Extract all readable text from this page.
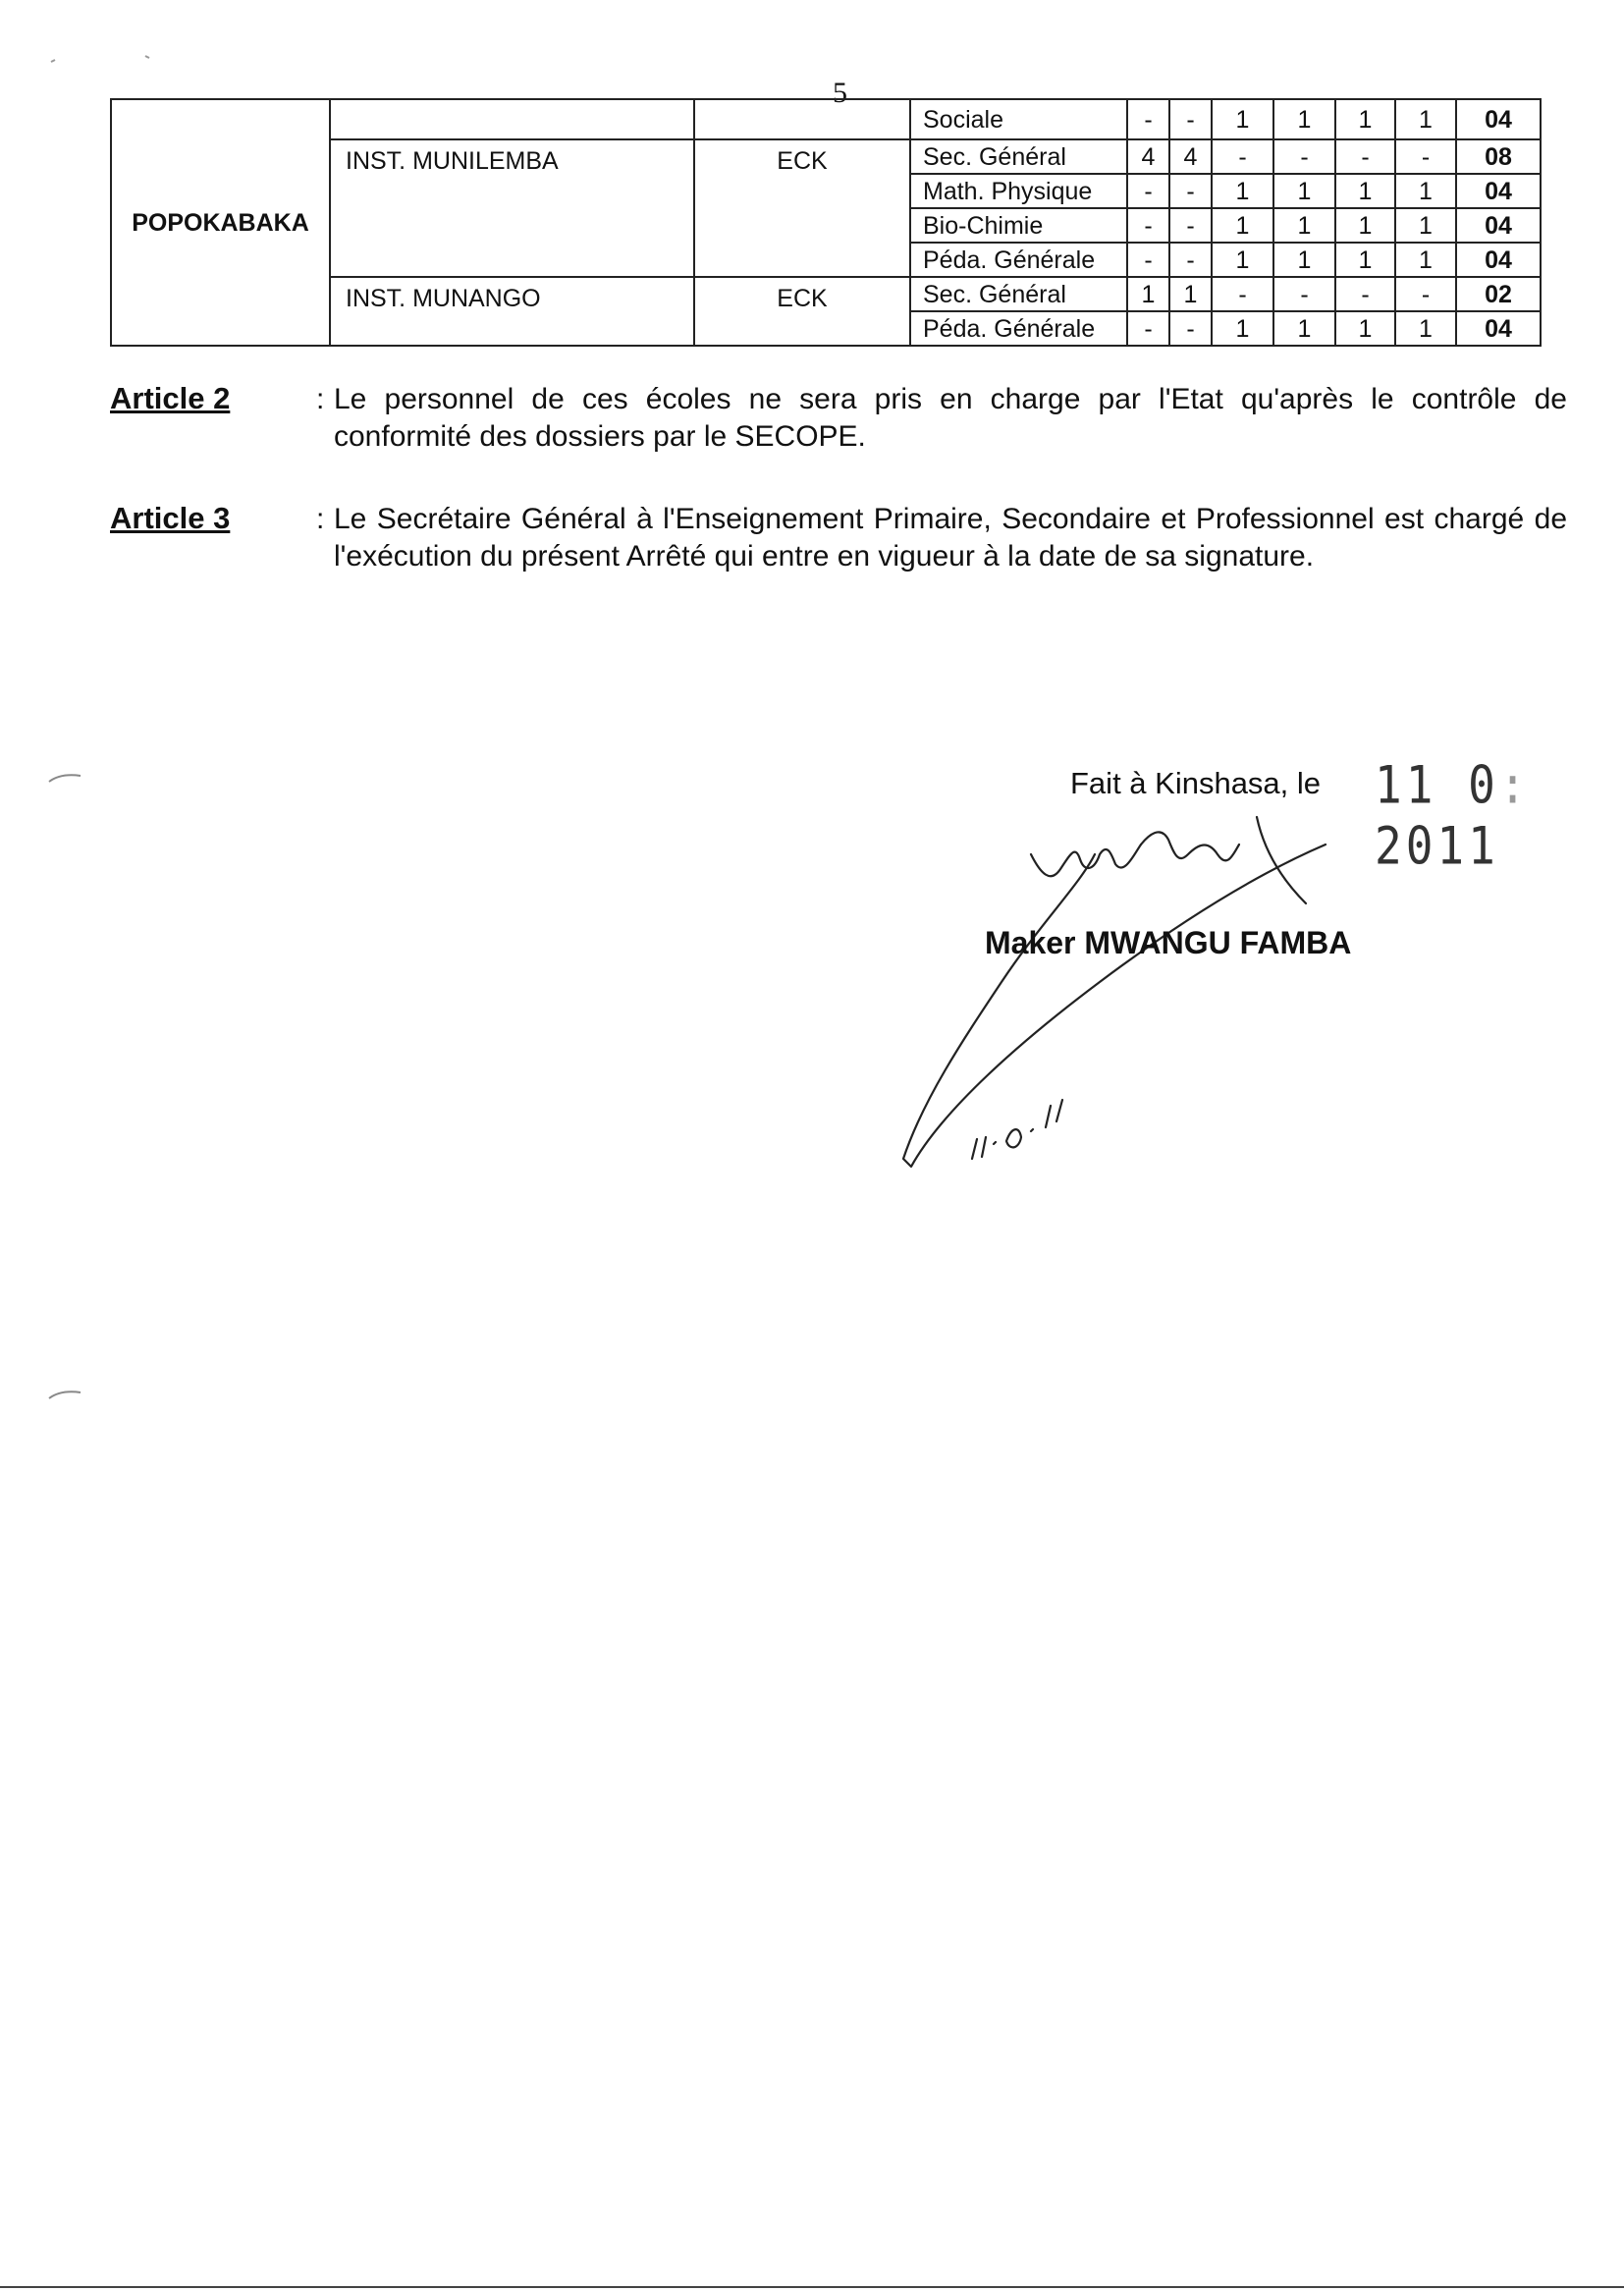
5
POPOKABAKA			Sociale	-	-	1	1	1	1	04
	INST. MUNILEMBA	ECK	Sec. Général	4	4	-	-	-	-	08
			Math. Physique	-	-	1	1	1	1	04
			Bio-Chimie	-	-	1	1	1	1	04
			Péda. Générale	-	-	1	1	1	1	04
	INST. MUNANGO	ECK	Sec. Général	1	1	-	-	-	-	02
			Péda. Générale	-	-	1	1	1	1	04
Article 2	: Le personnel de ces écoles ne sera pris en charge par l'Etat qu'après le contrôle de conformité des dossiers par le SECOPE.
Article 3	: Le Secrétaire Général à l'Enseignement Primaire, Secondaire et Professionnel est chargé de l'exécution du présent Arrêté qui entre en vigueur à la date de sa signature.
Fait à Kinshasa, le 11 0: 2011
Maker MWANGU FAMBA
